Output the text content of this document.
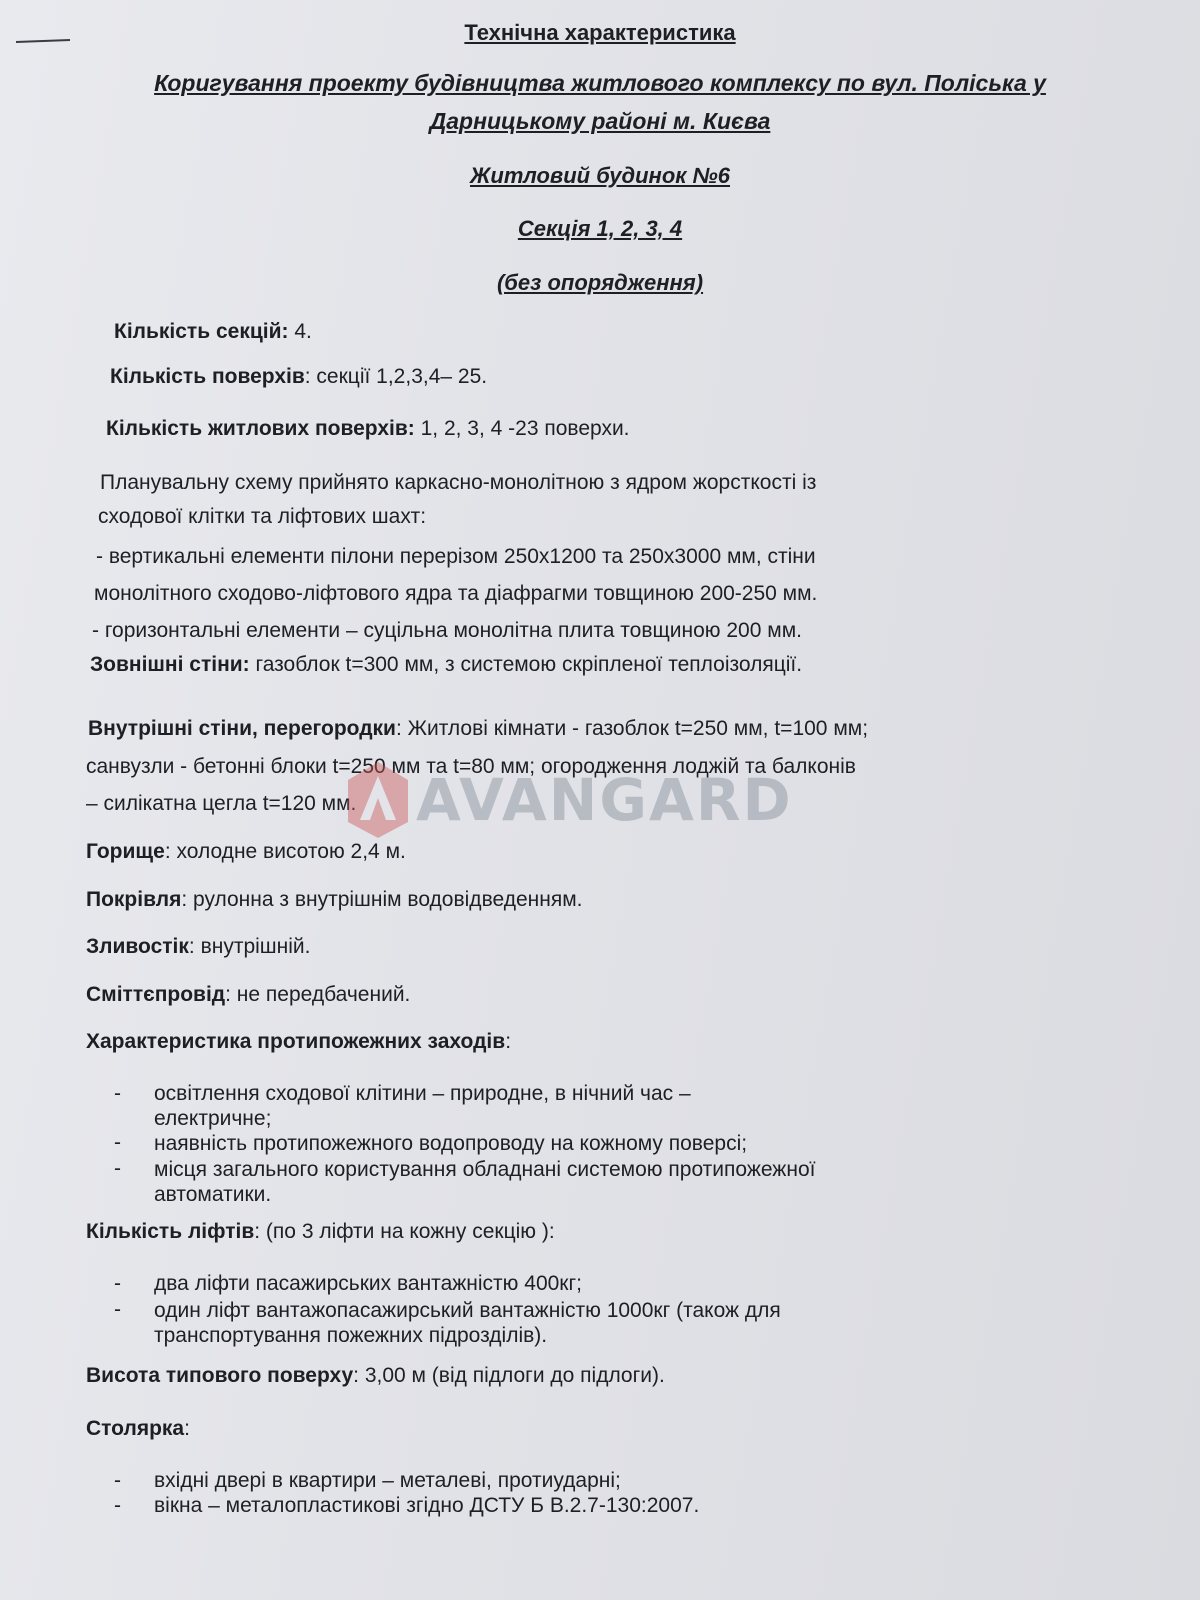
Технічна характеристика
Коригування проекту будівництва житлового комплексу по вул. Поліська у
Дарницькому районі м. Києва
Житловий будинок №6
Секція 1, 2, 3, 4
(без опорядження)
Кількість секцій: 4.
Кількість поверхів: секції 1,2,3,4– 25.
Кількість житлових поверхів: 1, 2, 3, 4 -23 поверхи.
Планувальну схему прийнято каркасно-монолітною з ядром жорсткості із
сходової клітки та ліфтових шахт:
- вертикальні елементи пілони перерізом 250х1200 та 250х3000 мм, стіни
монолітного сходово-ліфтового ядра та діафрагми товщиною 200-250 мм.
- горизонтальні елементи – суцільна монолітна плита товщиною 200 мм.
Зовнішні стіни: газоблок t=300 мм, з системою скріпленої теплоізоляції.
Внутрішні стіни, перегородки: Житлові кімнати - газоблок t=250 мм, t=100 мм;
санвузли - бетонні блоки t=250 мм та t=80 мм; огородження лоджій та балконів
– силікатна цегла t=120 мм.
Горище: холодне висотою 2,4 м.
Покрівля: рулонна з внутрішнім водовідведенням.
Зливостік: внутрішній.
Сміттєпровід: не передбачений.
Характеристика протипожежних заходів:
- освітлення сходової клітини – природне, в нічний час –
електричне;
- наявність протипожежного водопроводу на кожному поверсі;
- місця загального користування обладнані системою протипожежної
автоматики.
Кількість ліфтів: (по 3 ліфти на кожну секцію ):
- два ліфти пасажирських вантажністю 400кг;
- один ліфт вантажопасажирський вантажністю 1000кг (також для
транспортування пожежних підрозділів).
Висота типового поверху: 3,00 м (від підлоги до підлоги).
Столярка:
- вхідні двері в квартири – металеві, протиударні;
- вікна – металопластикові згідно ДСТУ Б В.2.7-130:2007.
AVANGARD
